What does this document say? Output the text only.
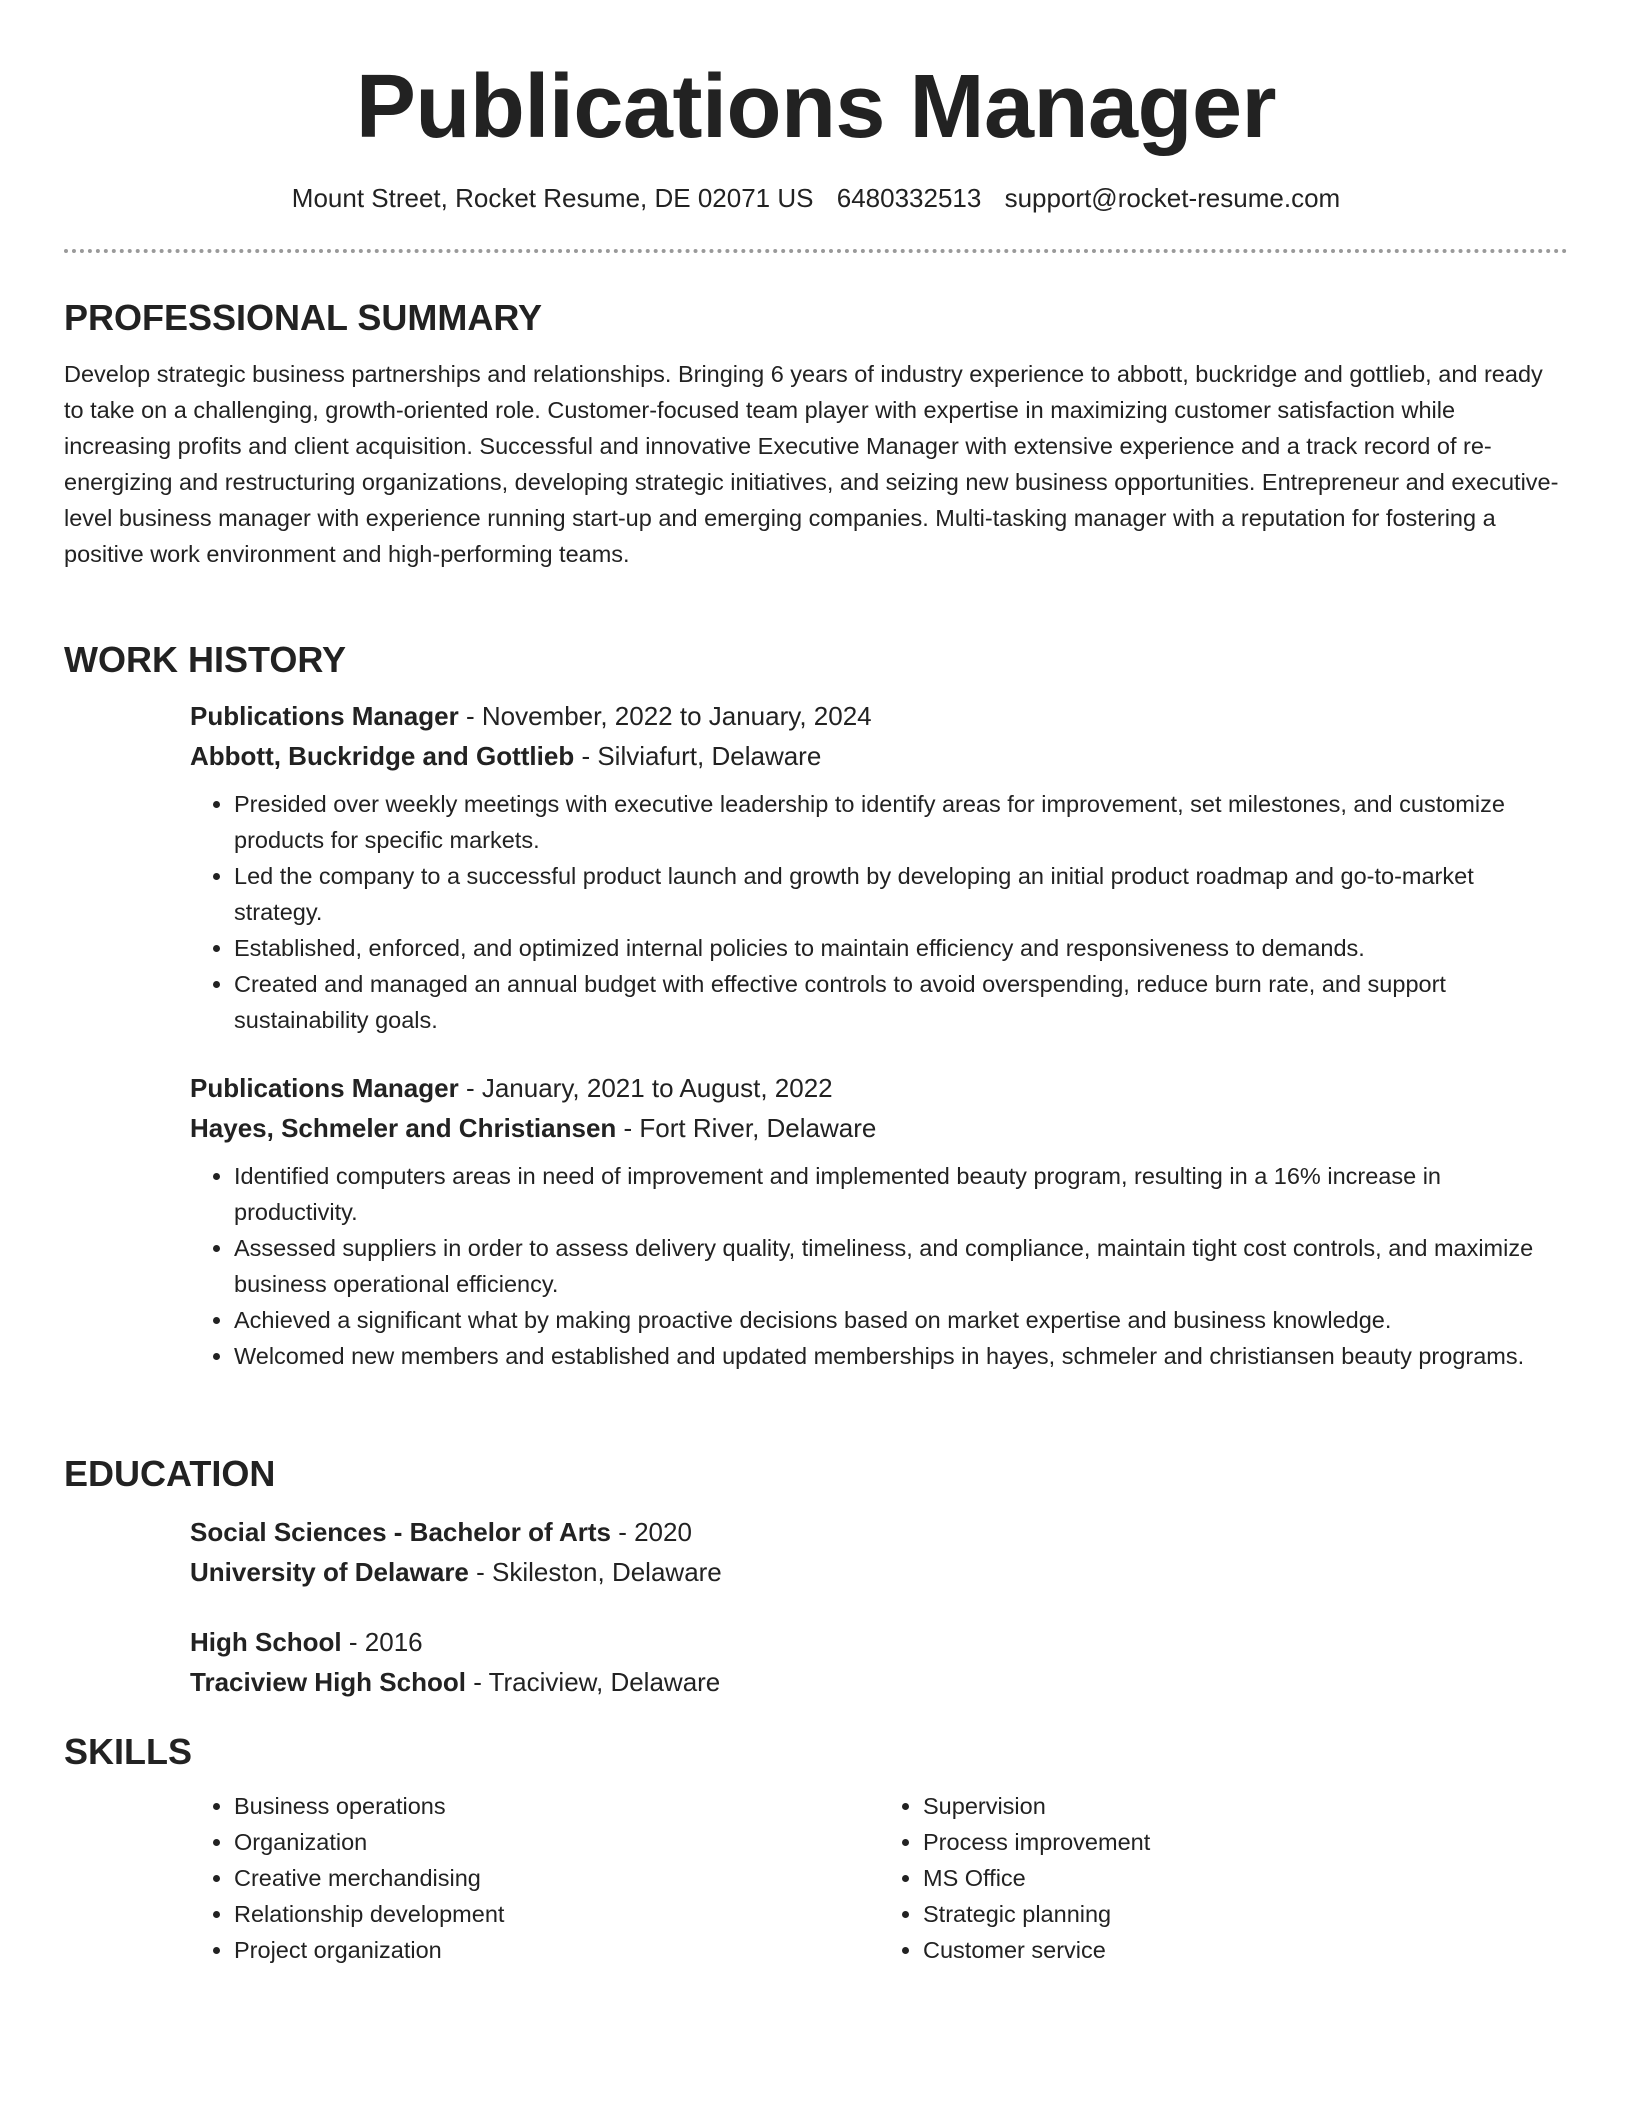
Publications Manager
Mount Street, Rocket Resume, DE 02071 US 6480332513 support@rocket-resume.com
PROFESSIONAL SUMMARY

Develop strategic business partnerships and relationships. Bringing 6 years of industry experience to abbott, buckridge and gottlieb, and ready to take on a challenging, growth-oriented role. Customer-focused team player with expertise in maximizing customer satisfaction while increasing profits and client acquisition. Successful and innovative Executive Manager with extensive experience and a track record of re-energizing and restructuring organizations, developing strategic initiatives, and seizing new business opportunities. Entrepreneur and executive-level business manager with experience running start-up and emerging companies. Multi-tasking manager with a reputation for fostering a positive work environment and high-performing teams.

WORK HISTORY

Publications Manager - November, 2022 to January, 2024

Abbott, Buckridge and Gottlieb - Silviafurt, Delaware

• Presided over weekly meetings with executive leadership to identify areas for improvement, set milestones, and customize products for specific markets.
• Led the company to a successful product launch and growth by developing an initial product roadmap and go-to-market strategy.
• Established, enforced, and optimized internal policies to maintain efficiency and responsiveness to demands.
• Created and managed an annual budget with effective controls to avoid overspending, reduce burn rate, and support sustainability goals.

Publications Manager - January, 2021 to August, 2022

Hayes, Schmeler and Christiansen - Fort River, Delaware

• Identified computers areas in need of improvement and implemented beauty program, resulting in a 16% increase in productivity.
• Assessed suppliers in order to assess delivery quality, timeliness, and compliance, maintain tight cost controls, and maximize business operational efficiency.
• Achieved a significant what by making proactive decisions based on market expertise and business knowledge.
• Welcomed new members and established and updated memberships in hayes, schmeler and christiansen beauty programs.
EDUCATION

Social Sciences - Bachelor of Arts - 2020

University of Delaware - Skileston, Delaware

High School - 2016

Traciview High School - Traciview, Delaware

SKILLS
• Business operations
• Organization
• Creative merchandising
• Relationship development
• Project organization
• Supervision
• Process improvement
• MS Office
• Strategic planning
• Customer service
